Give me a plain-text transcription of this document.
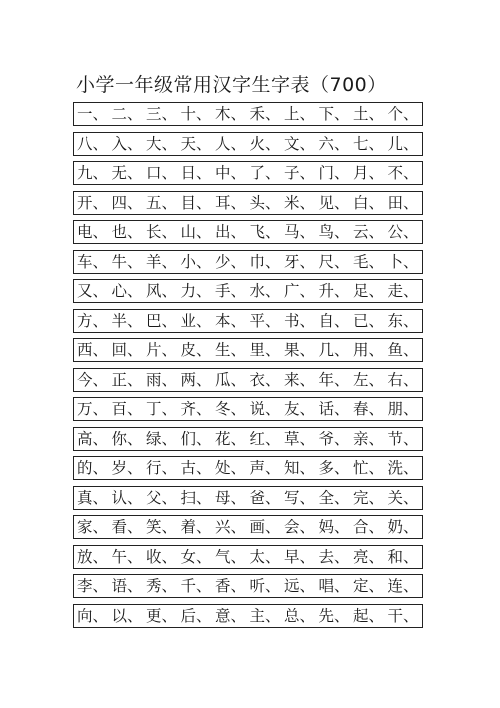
小学一年级常用汉字生字表（700）
一、 二、 三、 十、 木、 禾、 上、 下、 土、 个、
八、 入、 大、 天、 人、 火、 文、 六、 七、 儿、
九、 无、 口、 日、 中、 了、 子、 门、 月、 不、
开、 四、 五、 目、 耳、 头、 米、 见、 白、 田、
电、 也、 长、 山、 出、 飞、 马、 鸟、 云、 公、
车、 牛、 羊、 小、 少、 巾、 牙、 尺、 毛、 卜、
又、 心、 风、 力、 手、 水、 广、 升、 足、 走、
方、 半、 巴、 业、 本、 平、 书、 自、 已、 东、
西、 回、 片、 皮、 生、 里、 果、 几、 用、 鱼、
今、 正、 雨、 两、 瓜、 衣、 来、 年、 左、 右、
万、 百、 丁、 齐、 冬、 说、 友、 话、 春、 朋、
高、 你、 绿、 们、 花、 红、 草、 爷、 亲、 节、
的、 岁、 行、 古、 处、 声、 知、 多、 忙、 洗、
真、 认、 父、 扫、 母、 爸、 写、 全、 完、 关、
家、 看、 笑、 着、 兴、 画、 会、 妈、 合、 奶、
放、 午、 收、 女、 气、 太、 早、 去、 亮、 和、
李、 语、 秀、 千、 香、 听、 远、 唱、 定、 连、
向、 以、 更、 后、 意、 主、 总、 先、 起、 干、
